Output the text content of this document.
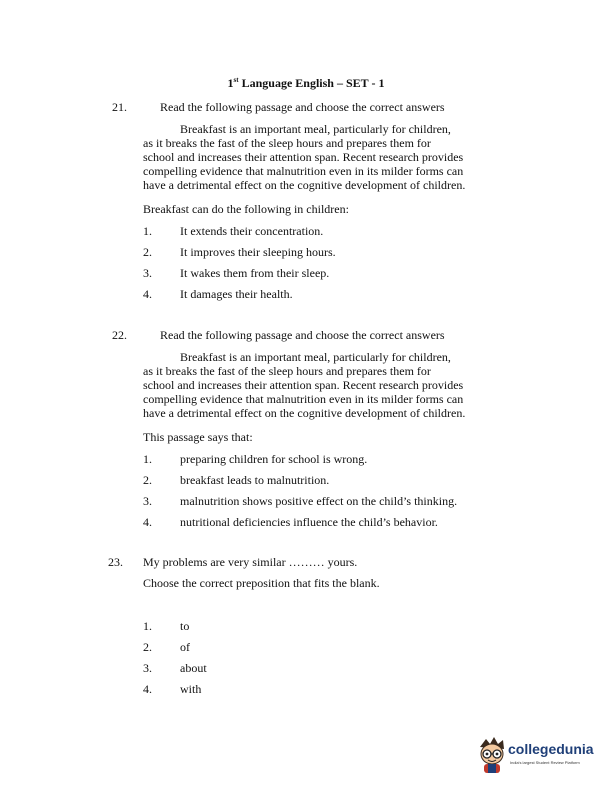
1st Language English – SET - 1
21.	Read the following passage and choose the correct answers
Breakfast is an important meal, particularly for children,
as it breaks the fast of the sleep hours and prepares them for
school and increases their attention span. Recent research provides
compelling evidence that malnutrition even in its milder forms can
have a detrimental effect on the cognitive development of children.
Breakfast can do the following in children:
1. It extends their concentration.
2. It improves their sleeping hours.
3. It wakes them from their sleep.
4. It damages their health.
22.	Read the following passage and choose the correct answers
Breakfast is an important meal, particularly for children,
as it breaks the fast of the sleep hours and prepares them for
school and increases their attention span. Recent research provides
compelling evidence that malnutrition even in its milder forms can
have a detrimental effect on the cognitive development of children.
This passage says that:
1. preparing children for school is wrong.
2. breakfast leads to malnutrition.
3. malnutrition shows positive effect on the child’s thinking.
4. nutritional deficiencies influence the child’s behavior.
23. My problems are very similar ……… yours.
Choose the correct preposition that fits the blank.
1. to
2. of
3. about
4. with
collegedunia
India's largest Student Review Platform
